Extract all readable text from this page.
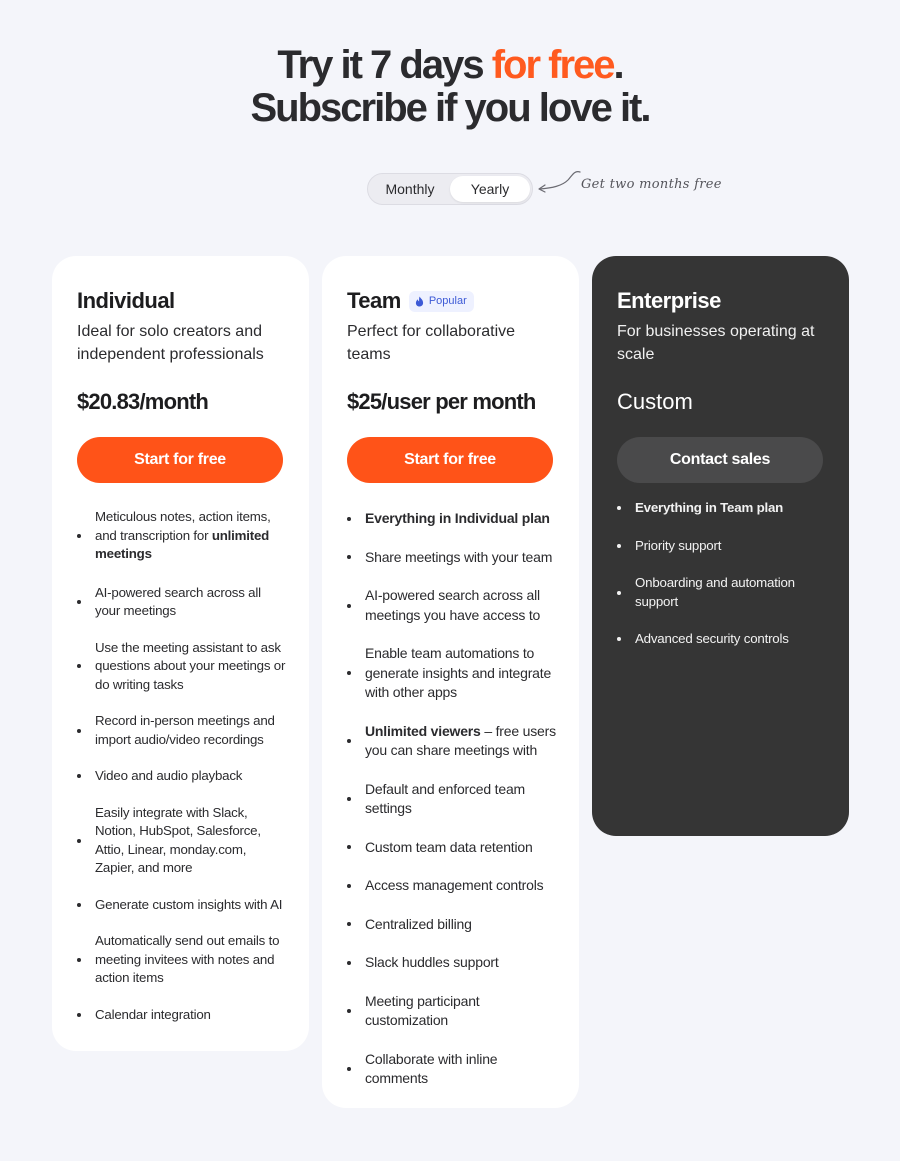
Try it 7 days for free.
Subscribe if you love it.
Monthly	Yearly	Get two months free
Individual
Ideal for solo creators and independent professionals
$20.83/month
Start for free
Meticulous notes, action items, and transcription for unlimited meetings
AI-powered search across all your meetings
Use the meeting assistant to ask questions about your meetings or do writing tasks
Record in-person meetings and import audio/video recordings
Video and audio playback
Easily integrate with Slack, Notion, HubSpot, Salesforce, Attio, Linear, monday.com, Zapier, and more
Generate custom insights with AI
Automatically send out emails to meeting invitees with notes and action items
Calendar integration
Team	Popular
Perfect for collaborative teams
$25/user per month
Start for free
Everything in Individual plan
Share meetings with your team
AI-powered search across all meetings you have access to
Enable team automations to generate insights and integrate with other apps
Unlimited viewers – free users you can share meetings with
Default and enforced team settings
Custom team data retention
Access management controls
Centralized billing
Slack huddles support
Meeting participant customization
Collaborate with inline comments
Enterprise
For businesses operating at scale
Custom
Contact sales
Everything in Team plan
Priority support
Onboarding and automation support
Advanced security controls
